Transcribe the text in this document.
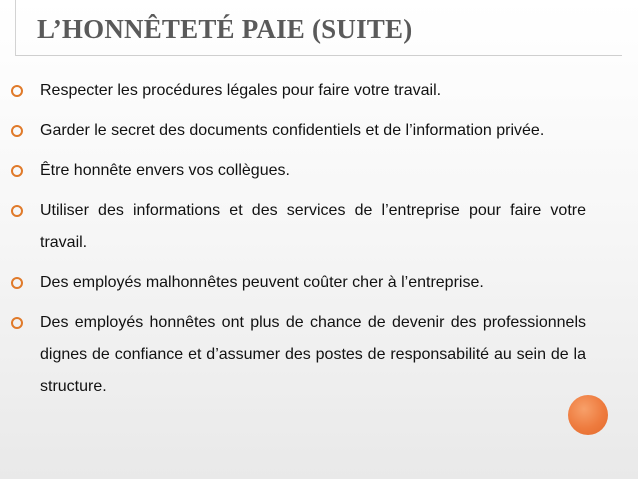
L’HONNÊTETÉ PAIE (SUITE)
Respecter les procédures légales pour faire votre travail.
Garder le secret des documents confidentiels et de l’information privée.
Être honnête envers vos collègues.
Utiliser des informations et des services de l’entreprise pour faire votre travail.
Des employés malhonnêtes peuvent coûter cher à l’entreprise.
Des employés honnêtes ont plus de chance de devenir des professionnels dignes de confiance et d’assumer des postes de responsabilité au sein de la structure.
